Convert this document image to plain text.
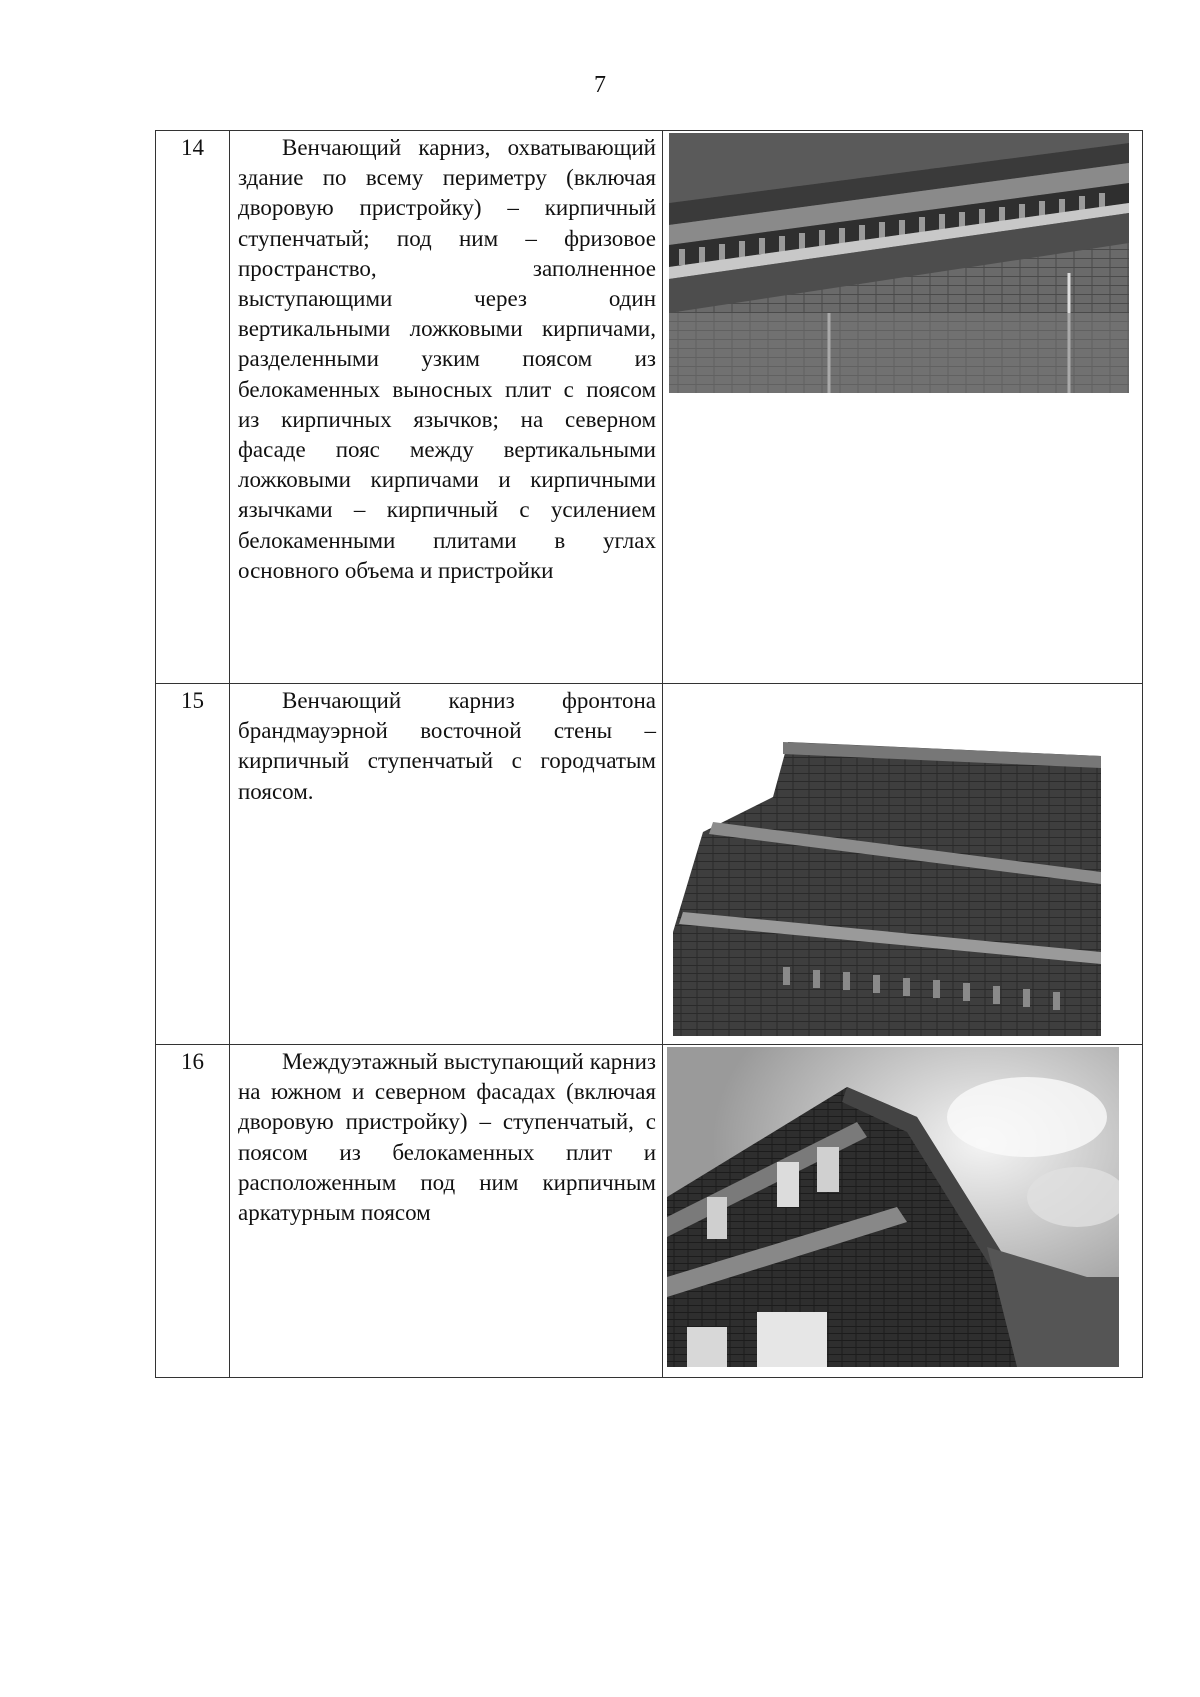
7
14	Венчающий карниз, охватывающий здание по всему периметру (включая дворовую пристройку) – кирпичный ступенчатый; под ним – фризовое пространство, заполненное выступающими через один вертикальными ложковыми кирпичами, разделенными узким поясом из белокаменных выносных плит с поясом из кирпичных язычков; на северном фасаде пояс между вертикальными ложковыми кирпичами и кирпичными язычками – кирпичный с усилением белокаменными плитами в углах основного объема и пристройки

15	Венчающий карниз фронтона брандмауэрной восточной стены – кирпичный ступенчатый с городчатым поясом.

16	Междуэтажный выступающий карниз на южном и северном фасадах (включая дворовую пристройку) – ступенчатый, с поясом из белокаменных плит и расположенным под ним кирпичным аркатурным поясом
